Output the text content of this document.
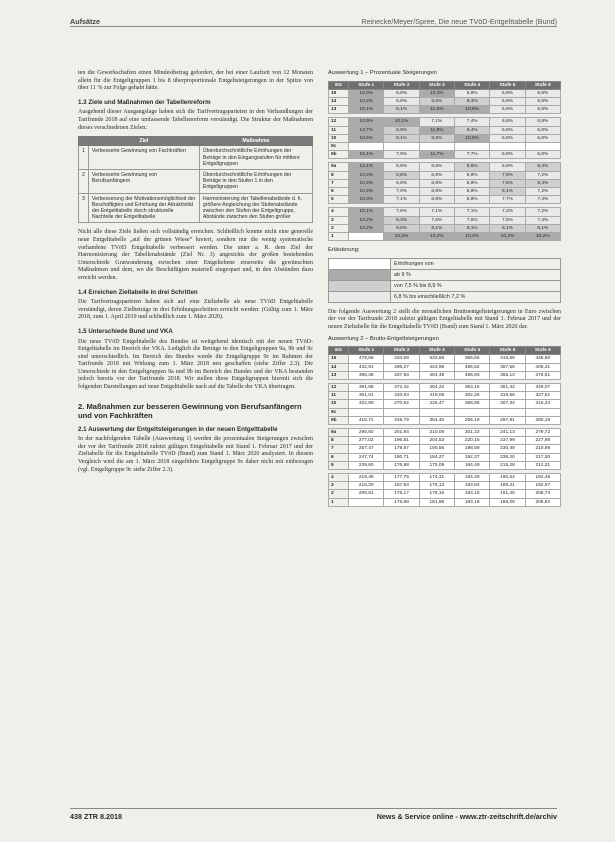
Aufsätze	Reinecke/Meyer/Spree, Die neue TVöD-Entgelttabelle (Bund)

ten die Gewerkschaften einen Mindestbetrag gefordert, der bei einer Laufzeit von 12 Monaten allein für die Entgeltgruppen 1 bis 8 überproportionale Entgeltsteigerungen in der Spitze von über 11 % zur Folge gehabt hätte.

1.3 Ziele und Maßnahmen der Tabellenreform

Ausgehend dieser Ausgangslage haben sich die Tarifvertragsparteien in den Verhandlungen der Tarifrunde 2018 auf eine umfassende Tabellenreform verständigt. Die Struktur der Maßnahmen dieses verschiedenen Zielen:

	Ziel	Maßnahme
1	Verbesserte Gewinnung von Fachkräften	Überdurchschnittliche Erhöhungen der Beträge in den Eingangsstufen für mittlere Entgeltgruppen
2	Verbesserte Gewinnung von Berufsanfängern	Überdurchschnittliche Erhöhungen der Beträge in den Stufen 1 in den Entgeltgruppen
3	Verbesserung der Motivationsmöglichkeit der Beschäftigten und Erhöhung der Attraktivität der Entgelttabelle durch strukturelle Nachteile der Entgelttabelle	Harmonisierung der Tabellenabstände d. h. größere Angleichung der Stufenabstände zwischen den Stufen der Entgeltgruppe, Abstände zwischen den Stufen größer

Nicht alle diese Ziele ließen sich vollständig erreichen. Schließlich konnte nicht eine generelle neue Entgelttabelle „auf der grünen Wiese“ kreiert, sondern nur die wenig systematische vorhandene TVöD Entgelttabelle verbessert werden. Die unter a. R. dem Ziel der Harmonisierung der Tabellenabstände (Ziel Nr. 3) angesichts der großen bestehenden Unterschiede Gratwanderung zwischen einer Entgeltebene einerseits die gewünschten Maßnahmen und dem, wo die Beschäftigten materiell eingespart und, in den Abständen dazu erreicht werden.

1.4 Erreichen Zieltabelle in drei Schritten

Die Tarifvertragsparteien haben sich auf eine Zieltabelle als neue TVöD Entgelttabelle verständigt, deren Zielbeträge in drei Erhöhungsschritten erreicht werden: (Gültig zum 1. März 2018, zum 1. April 2019 und schließlich zum 1. März 2020).

1.5 Unterschiede Bund und VKA

Die neue TVöD Entgelttabelle des Bundes ist weitgehend identisch mit der neuen TVöD-Entgelttabelle im Bereich der VKA. Lediglich die Beträge in den Entgeltgruppen 9a, 9b und 9c sind unterschiedlich. Im Bereich des Bundes wurde die Entgeltgruppe 9c im Rahmen der Tarifrunde 2018 mit Wirkung zum 1. März 2018 neu geschaffen (siehe Ziffer 2.3). Die Unterschiede in den Entgeltgruppen 9a und 9b im Bereich des Bundes und der VKA bestanden jedoch bereits vor der Tarifrunde 2018. Wir stellen diese Entgeltgruppen hiermit sich die folgenden Darstellungen auf neue Entgelttabelle nach auf die Tabelle der VKA übertragen.

2. Maßnahmen zur besseren Gewinnung von Berufsanfängern und von Fachkräften
2.1 Auswertung der Entgeltsteigerungen in der neuen Entgelttabelle

In der nachfolgenden Tabelle (Auswertung 1) werden die prozentualen Steigerungen zwischen der vor der Tarifrunde 2018 zuletzt gültigen Entgelttabelle mit Stand 1. Februar 2017 und der Zieltabelle für die Entgelttabelle TVöD (Bund) zum Stand 1. März 2020 analysiert. In diesem Vergleich wird die am 1. März 2018 eingeführte Entgeltgruppe 9c daher nicht mit einbezogen (vgl. Entgeltgruppe 9c siehe Ziffer 2.3).

Auswertung 1 – Prozentuale Steigerungen
EG	Stufe 1	Stufe 2	Stufe 3	Stufe 4	Stufe 5	Stufe 6
15	10,0%	6,8%	10,3%	6,8%	6,8%	6,8%
14	10,2%	6,8%	8,5%	8,4%	6,8%	6,8%
13	10,1%	8,1%	11,5%	10,8%	6,8%	6,8%

12	10,9%	10,1%	7,1%	7,4%	6,8%	6,8%
11	10,7%	8,8%	11,9%	9,4%	6,8%	6,8%
10	10,6%	8,1%	8,8%	10,8%	6,8%	6,8%
9c						
9b	15,1%	7,9%	11,7%	7,7%	6,8%	6,8%

9a	12,1%	6,8%	6,8%	9,6%	6,8%	8,4%
8	10,4%	8,6%	6,8%	6,8%	7,8%	7,2%
7	10,4%	6,8%	6,8%	6,8%	7,8%	8,4%
6	10,4%	7,0%	6,8%	6,8%	8,1%	7,2%
5	10,3%	7,1%	6,8%	6,8%	7,7%	7,4%

4	10,1%	7,6%	7,1%	7,1%	7,2%	7,2%
3	10,2%	8,3%	7,6%	7,6%	7,5%	7,4%
2	10,2%	9,0%	8,1%	8,1%	8,1%	8,1%
1		10,2%	10,2%	10,2%	10,2%	10,2%
Erläuterung:
	Erhöhungen von
	ab 9 %
	von 7,5 % bis 8,9 %
	6,8 % bis einschließlich 7,2 %

Die folgende Auswertung 2 stellt die monatlichen Bruttoentgeltsteigerungen in Euro zwischen der vor der Tarifrunde 2018 zuletzt gültigen Entgelttabelle mit Stand 1. Februar 2017 und der neuen Zieltabelle für die Entgelttabelle TVöD (Bund) zum Stand 1. März 2020 dar.

Auswertung 2 – Brutto-Entgeltsteigerungen
EG	Stufe 1	Stufe 2	Stufe 3	Stufe 4	Stufe 5	Stufe 6
15	479,66	334,58	533,68	366,65	415,66	446,60
14	432,91	296,27	424,96	465,82	387,55	405,31
13	396,36	337,93	484,49	465,93	365,13	375,61

12	391,98	372,42	264,22	353,15	351,32	349,07
11	361,01	310,83	419,06	302,26	319,66	327,51
10	322,90	270,62	226,47	368,85	307,34	315,34
9c						
9b	416,71	245,79	364,40	256,19	267,81	280,19

9a	295,60	201,84	210,09	301,33	241,13	279,72
8	277,02	196,81	204,53	220,15	237,99	227,99
7	257,47	179,87	190,56	198,59	230,49	210,99
6	247,74	180,71	184,27	192,37	239,20	217,30
5	229,60	176,88	175,09	184,49	215,28	212,31

4	219,48	177,75	174,31	184,49	190,64	194,45
3	216,20	187,93	175,13	183,84	189,21	192,57
2	206,81	178,17	178,16	183,18	191,45	205,74
1		178,88	181,98	183,18	188,08	206,82
438 ZTR 8.2018	News & Service online - www.ztr-zeitschrift.de/archiv
